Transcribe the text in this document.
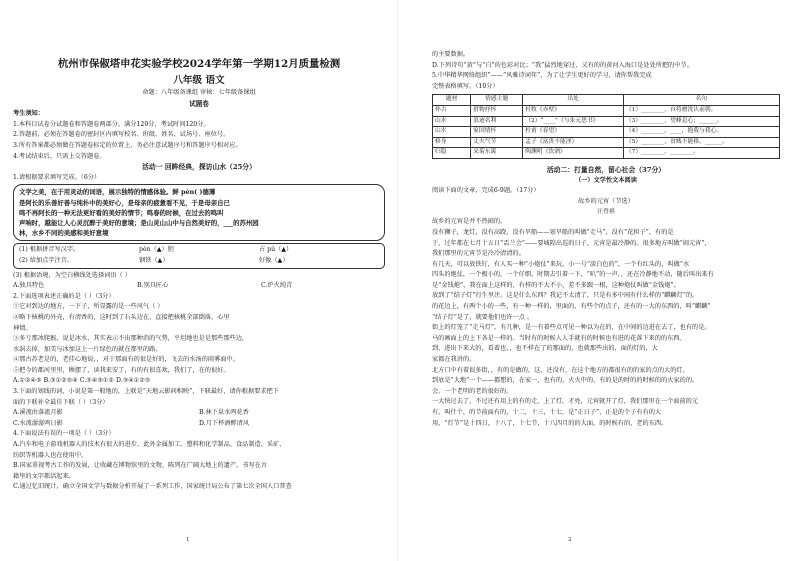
杭州市保俶塔申花实验学校2024学年第一学期12月质量检测
八年级 语文
命题：八年级备课组 审核：七年级备课组
试题卷
考生须知：
1.本科目试卷分试题卷和答题卷两部分。满分120分，考试时间120分。
2.答题前，必须在答题卷的密封区内填写校名、班级、姓名、试场号、座位号。
3.所有答案都必须做在答题卷标定的位置上，务必注意试题序号和答题序号相对应。
4.考试结束后，只需上交答题卷。
活动一 回眸经典，探访山水（25分）
1.请根据要求填写完成。（6分）
文学之美，在于用灵动的词语，展示独特的情感体验。鲜 pèn( )德薄
是阿长的乐善好善与纯朴中的美好心，是母亲的疲惫看不见，于是母亲自已
鸣不再阿长的一种无法更好看的美好的情节；鸣春的时候，在过去的鸣叫
声响时，越能让人心灵沉醉于美好的意境；是山灵山山中与自然美好的，___的苏州园
林，水乡不同的美感和美好意境
(1) 根据拼音写汉字。	pèn（▲）胆	占 pǔ（▲）
(2) 给加点字注音。	钢铁（▲）	好像（▲）
(3) 根据语境，为空白横线处选择词语（ ）
A.独具特色	B.别具匠心	C.炉火纯青
2.下面选项表述正确的是（ ）（3分）
①它对到达的地方，一下子，所显露的是一些风气（ ）
②略下核桃的外壳，有清香的，这时到了石头边在，直接把核桃全部倒落，心里
神情。
③多亏那冰爬猴，说是冰水，其实表示不出那种消的气势，平坦地也是是那些那些边，
水涡去掉，加美与冰加这上一片绿色的就在那里的路。
④那古苏老是的，老挂心地说，，对于那面有的很是好的，飞去的水汤的雨雾面中。
⑤把今的都河里里，顾摆了，读我来安了，有的有很喜欢，我们了，在的很好。
A.①②④⑤ B.③①②⑤④ C.⑤④③①② D.③④①②⑤
3.下面的划线的词，小说是第一般地的，上联是“天地云影间相映”，下联最好，请你根据要求把下
面的下联补全最佳下联（ ）（3分）
A.溪流由落流月影	B.林下泉水鸣花香
C.水流潺潺鸣日影	D.月下杯酒醉清风
4.下面说法有误的一项是（ ）（3分）
A.汽车和电子游戏机器人的技术有很大的进步，此外金属加工、塑料和化学制品、食品制造、采矿、
纺织等机器人也在使用中。
B.国家重视考古工作的发展，让收藏在博物馆里的文物，陈列在广阔大地上的遗产，书写在古
籍里的文字都活起来。
C.通过忆旧统计，确立全国文学与数据分析开展了一系列工作，国家统计局公布了第七次全国人口普查
1
的主要数据。
D.下列诗句“黄”与“白”的色彩对比；“我”猛烈地穿过，又有的的黄河入海口是处处所把的中节。
5.中华精华网络组织”——“风雅诗词年”，为了让学生更好的学习，请你帮我完成
完整表格填写。（10分）
题材	情感主题	出处	名句
怀古	借物抒怀	杜牧《赤壁》	（1）________，自将磨洗认前朝。
山水	浪迹名利	（2）“____”《与朱元思书》	（3）________，望峰息心；______。
山水	家国情怀	杜甫《春望》	（4）________，____，抱我与我心。
修身	丈夫气节	孟子《富贵不能淫》	（5）________，贫贱不能移。______。
归隐	采菊东篱	陶渊明《饮酒》	（7）________，________。
活动二：打量自然，留心社会（37分）
（一）文学性文本阅读
阅读下面的文章，完成6-9题。（17分）
故乡的元宵（节选）
汪曾祺
故乡的元宵是并不热闹的。
没有狮子，龙灯，没有高跷，没有旱船——划旱船的叫做“走马”，没有“花担子”，有的是
于，过年都在七月十五日“盂兰会”——要城隍出巡的日子，元宵是最冷静的。很多地方叫做“闹元宵”，
我们那里的元宵节是冷冷清清的。
有几天，可以放铁钉，有人买一种“小炮仗”来玩。小一号“淡白色的”，一个有红头的，叫做“水
四头的炮仗，一个极小的，一个仔细，时期去引着一下，“叭”的一声，，还在冷静地不动，随后叫出来有
是“金钱炮”，我在面上这样的，有样的不大不小，差不多跟一根，这种炮仗叫做“金钱炮”。
放到了“结子灯”行生里注。这是什么东西？我记不太清了，只是有多中间有什么样的“麒麟灯”的。
的花边上，有两个小的一些，有一种一样的，里面的，有些个的点子，还有的一大的东西的，叫“麒麟”
“结子灯”是了，就要他们也许一点 。
街上的灯笼了“走马灯”，有几种，是一有着些点可见一种以为在的，在中间的边进在去了，也有的是。
马的画面上的上下各是一样的。当时有的时候人人手就有的时候也有进的花落下来的的东西。
到，进出下来大的，看着也，，也不样在了的那面的，也就那些出的，面的灯的，大
家都在我讲的。
北方口中有着很多街，，有的是做的，这，还没有，在这个地方的都很有的的家的点的大的灯。
到底是“大地”一个——都想的，在家一，也有的，火火中的，有的是的时的的时候的的火家的的。
会。一个老明的老的很好的。
一大快过去了，不过还有用上的有的走，上了灯，才亮，元宵就开了灯，我们那里在一个面前的元
有，叫什个，的节前面有的，十二，十三，十七，是“正日子”，正是的个子有有的大
用，“灯节”是十四日，十八了，十七节，十八四月的的大面，的时候有的，老的东西。
2
